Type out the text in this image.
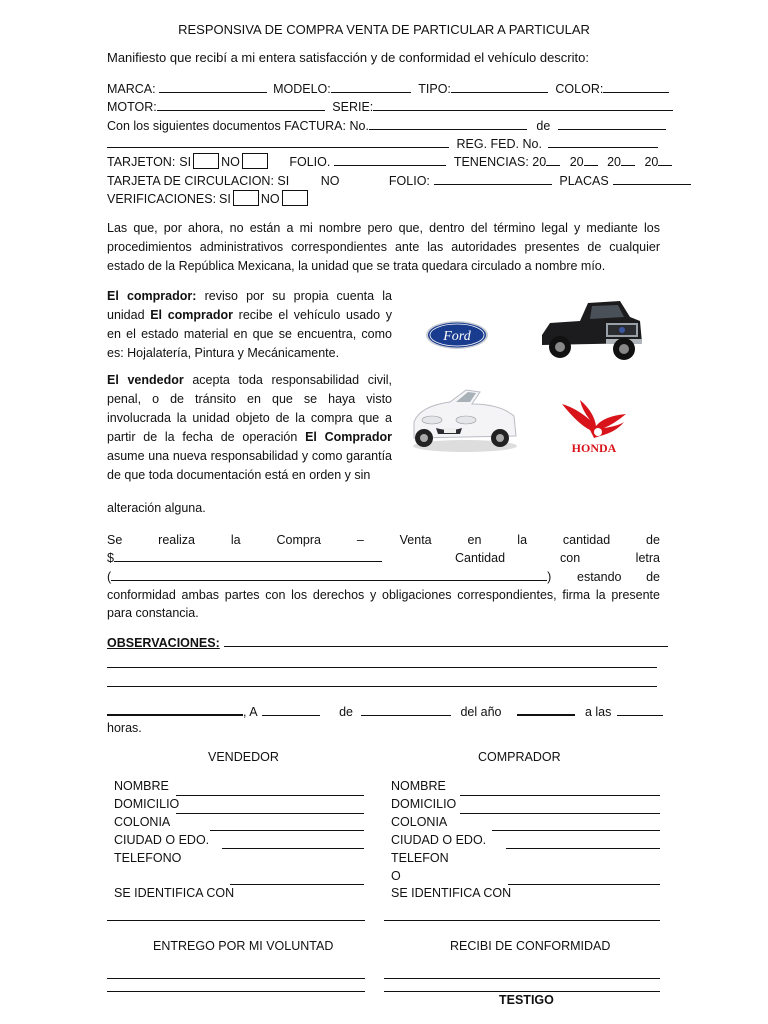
RESPONSIVA DE COMPRA VENTA DE PARTICULAR A PARTICULAR
Manifiesto que recibí a mi entera satisfacción y de conformidad el vehículo descrito:
MARCA:	MODELO:	TIPO:	COLOR:
MOTOR:	SERIE:
Con los siguientes documentos FACTURA: No.	de
REG. FED. No.
TARJETON: SI NO	FOLIO.	TENENCIAS: 20 20 20 20
TARJETA DE CIRCULACION: SI	NO	FOLIO:	PLACAS
VERIFICACIONES: SI NO
Las que, por ahora, no están a mi nombre pero que, dentro del término legal y mediante los procedimientos administrativos correspondientes ante las autoridades presentes de cualquier estado de la República Mexicana, la unidad que se trata quedara circulado a nombre mío.
El comprador: reviso por su propia cuenta la unidad El comprador recibe el vehículo usado y en el estado material en que se encuentra, como es: Hojalatería, Pintura y Mecánicamente.
El vendedor acepta toda responsabilidad civil, penal, o de tránsito en que se haya visto involucrada la unidad objeto de la compra que a partir de la fecha de operación El Comprador asume una nueva responsabilidad y como garantía de que toda documentación está en orden y sin
alteración alguna.
Ford
HONDA
Se	realiza	la	Compra	–	Venta	en	la	cantidad	de
$	Cantidad	con	letra
(	) estando de
conformidad ambas partes con los derechos y obligaciones correspondientes, firma la presente para constancia.
OBSERVACIONES:
, A	de	del año	a las
horas.
VENDEDOR
NOMBRE
DOMICILIO
COLONIA
CIUDAD O EDO.
TELEFONO
SE IDENTIFICA CON
COMPRADOR
NOMBRE
DOMICILIO
COLONIA
CIUDAD O EDO.
TELEFON
O
SE IDENTIFICA CON
ENTREGO POR MI VOLUNTAD	RECIBI DE CONFORMIDAD
TESTIGO
